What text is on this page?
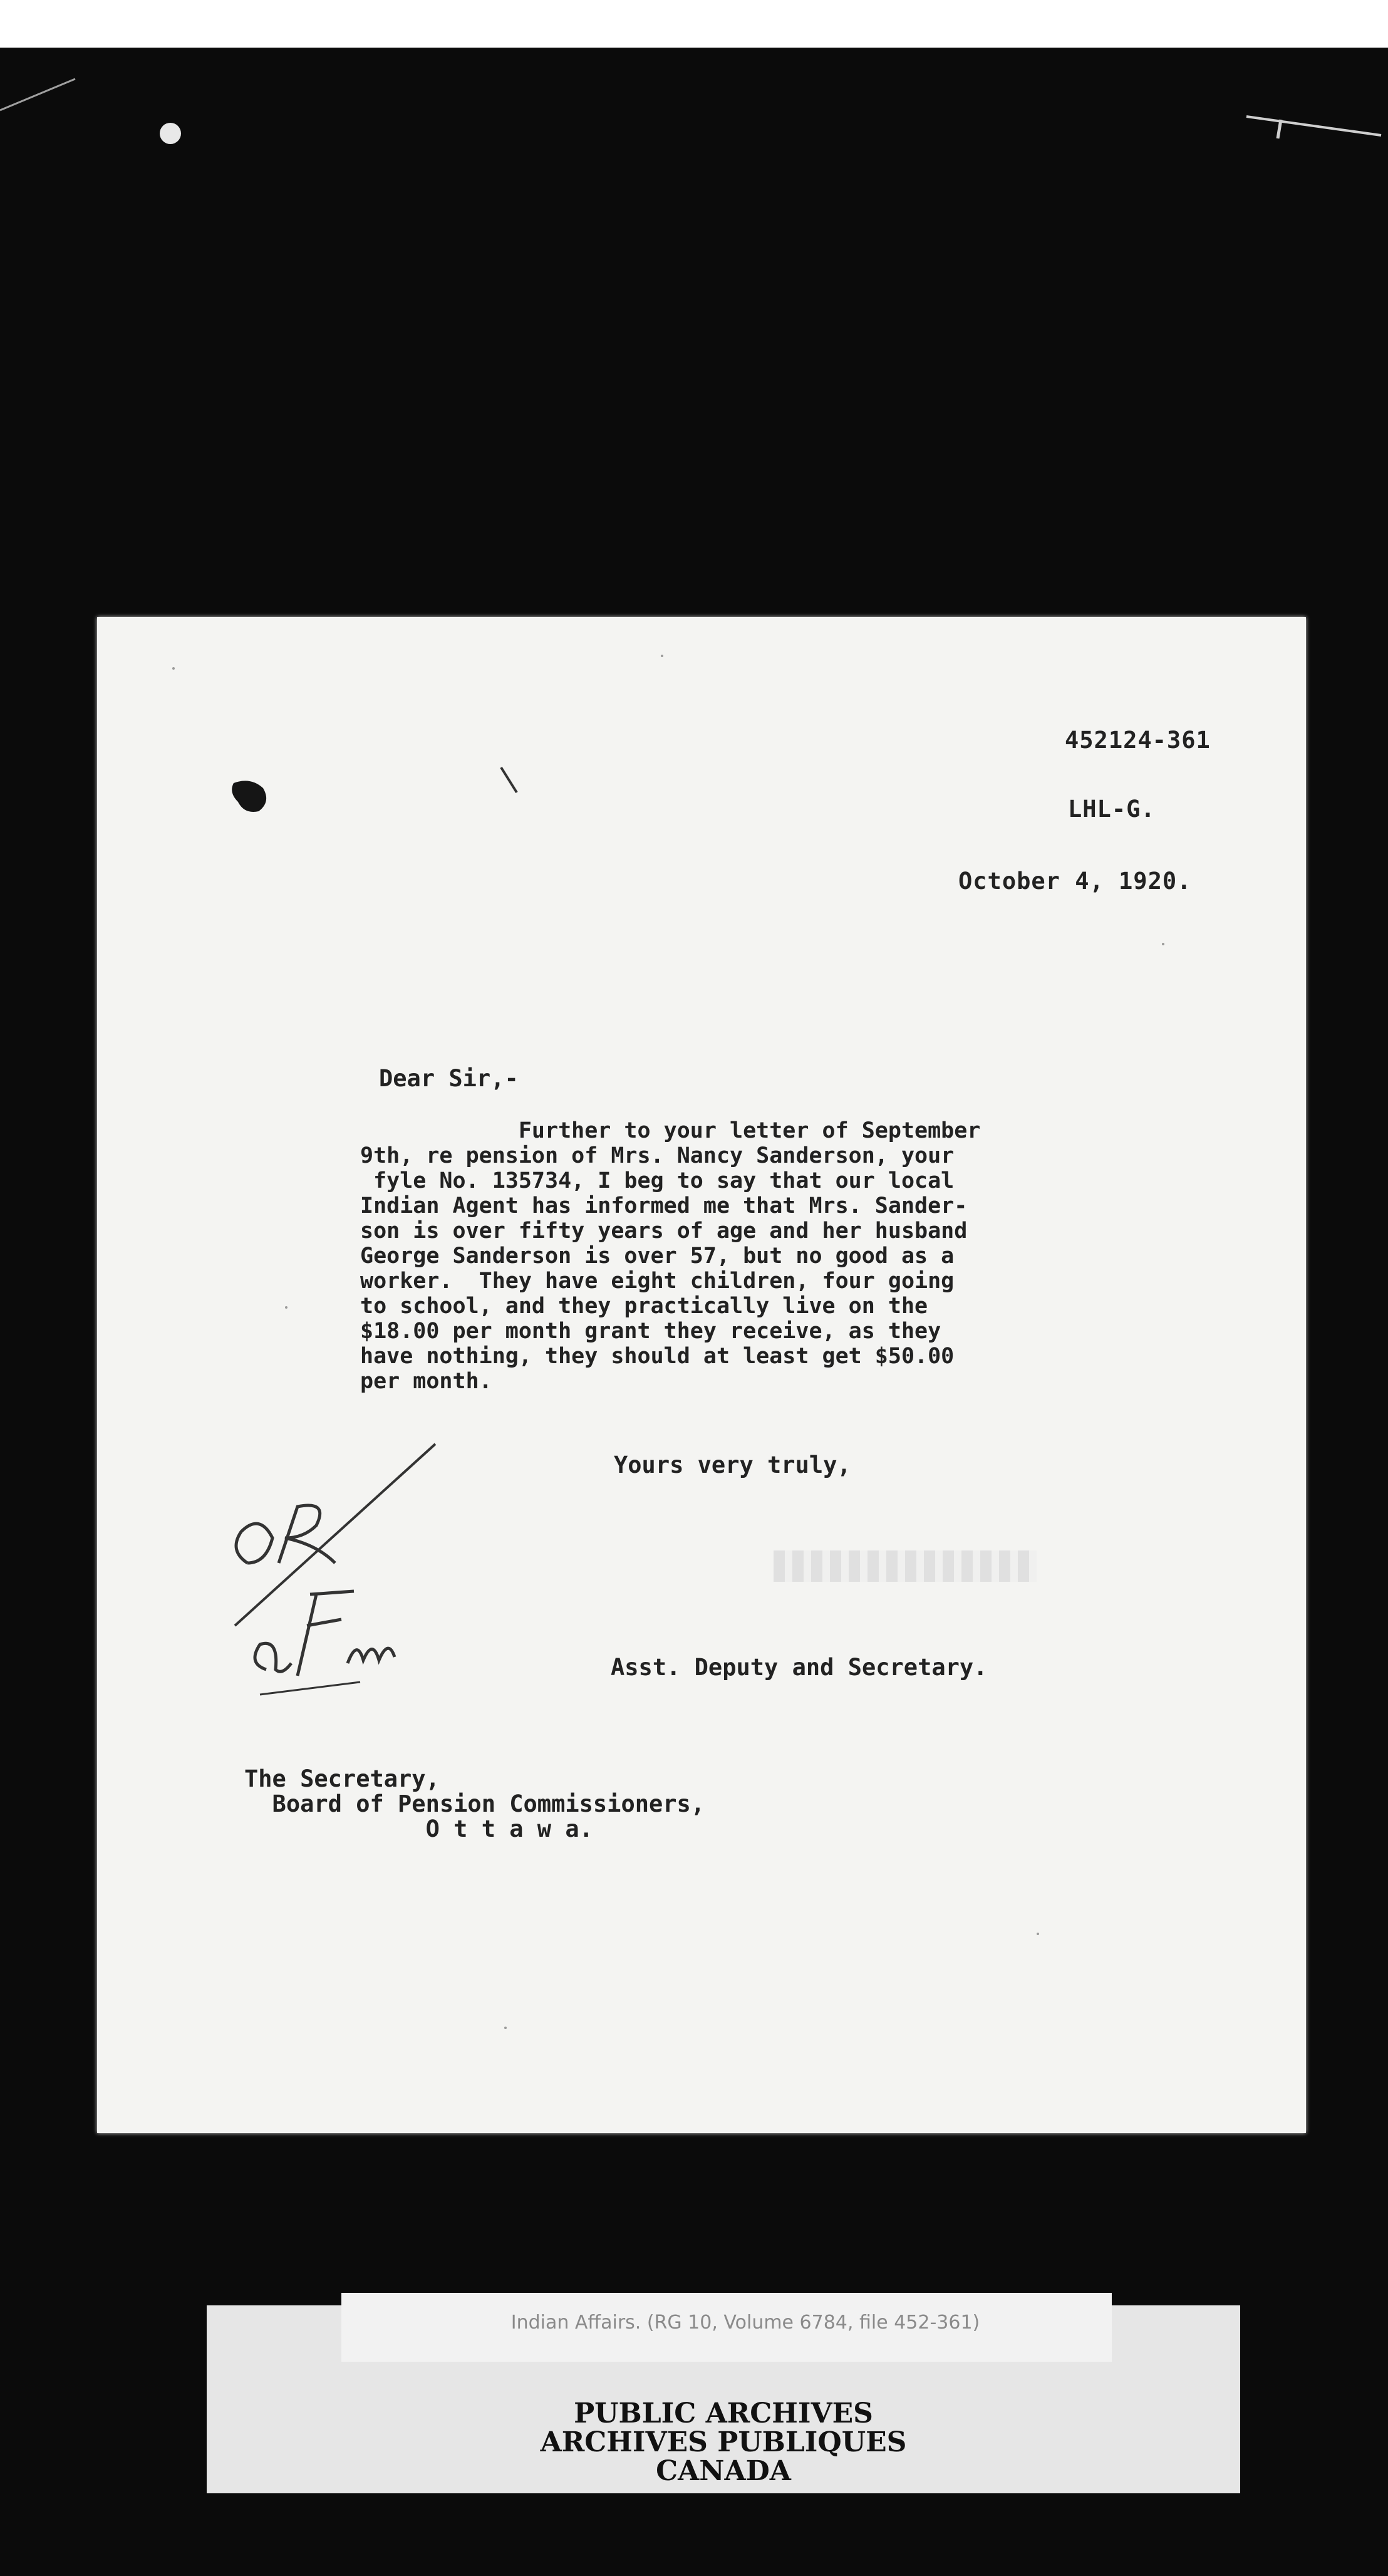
452124-361
LHL-G.
October 4, 1920.
Dear Sir,-
Further to your letter of September
9th, re pension of Mrs. Nancy Sanderson, your
fyle No. 135734, I beg to say that our local
Indian Agent has informed me that Mrs. Sander-
son is over fifty years of age and her husband
George Sanderson is over 57, but no good as a
worker.  They have eight children, four going
to school, and they practically live on the
$18.00 per month grant they receive, as they
have nothing, they should at least get $50.00
per month.
Yours very truly,
Asst. Deputy and Secretary.
The Secretary,
Board of Pension Commissioners,
O t t a w a.
Indian Affairs. (RG 10, Volume 6784, file 452-361)
PUBLIC ARCHIVES
ARCHIVES PUBLIQUES
CANADA
